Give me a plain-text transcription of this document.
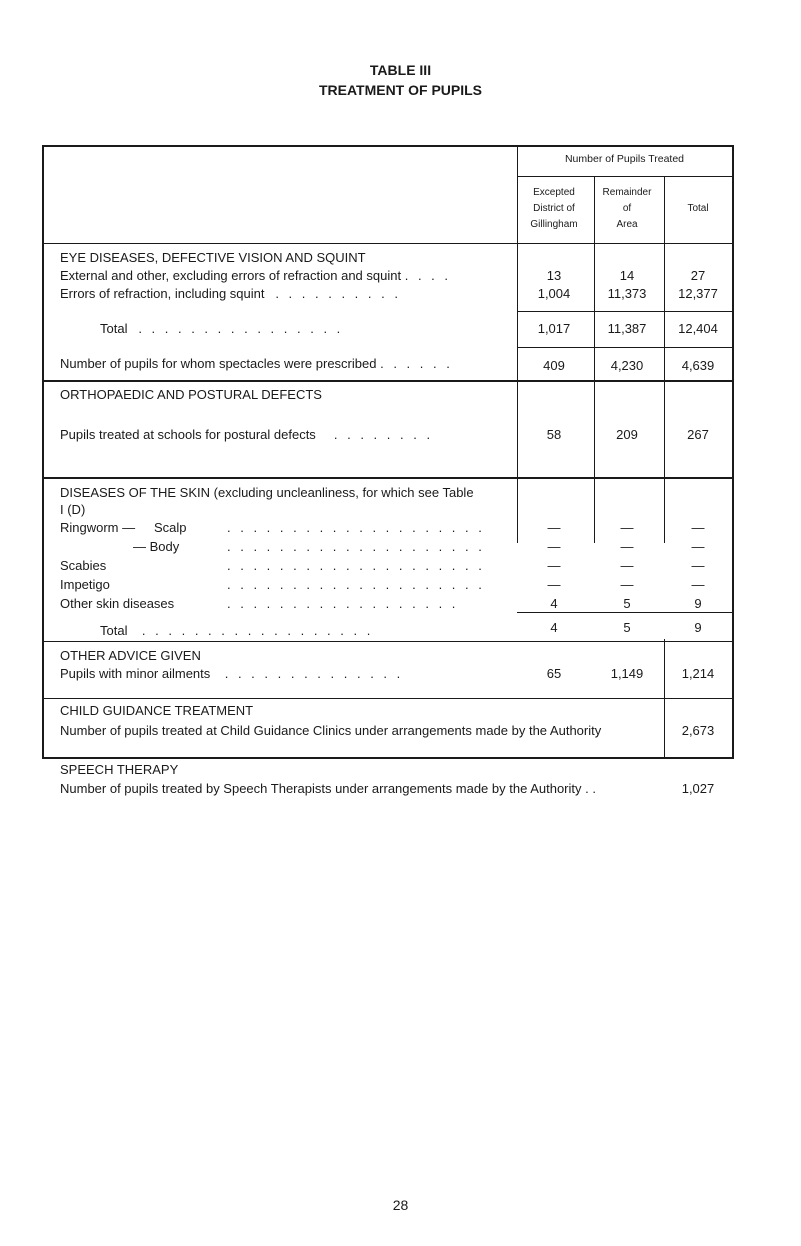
TABLE III
TREATMENT OF PUPILS
Number of Pupils Treated
Excepted
District of
Gillingham
Remainder
of
Area
Total
EYE DISEASES, DEFECTIVE VISION AND SQUINT
External and other, excluding errors of refraction and squint . . . .	13	14	27
Errors of refraction, including squint . . . . . . . . . .	1,004	11,373	12,377
Total . . . . . . . . . . . . . . . .	1,017	11,387	12,404
Number of pupils for whom spectacles were prescribed . . . . . .	409	4,230	4,639
ORTHOPAEDIC AND POSTURAL DEFECTS
Pupils treated at schools for postural defects . . . . . . . .	58	209	267
DISEASES OF THE SKIN (excluding uncleanliness, for which see Table
I (D)
Ringworm — Scalp	. . . . . . . . . . . . . . . . . . . .	—	—	—
— Body	. . . . . . . . . . . . . . . . . . . .	—	—	—
Scabies	. . . . . . . . . . . . . . . . . . . .	—	—	—
Impetigo	. . . . . . . . . . . . . . . . . . . .	—	—	—
Other skin diseases	. . . . . . . . . . . . . . . . . .	4	5	9
Total . . . . . . . . . . . . . . . . . .	4	5	9
OTHER ADVICE GIVEN
Pupils with minor ailments . . . . . . . . . . . . . .	65	1,149	1,214
CHILD GUIDANCE TREATMENT
Number of pupils treated at Child Guidance Clinics under arrangements made by the Authority	2,673
SPEECH THERAPY
Number of pupils treated by Speech Therapists under arrangements made by the Authority . .	1,027
28
